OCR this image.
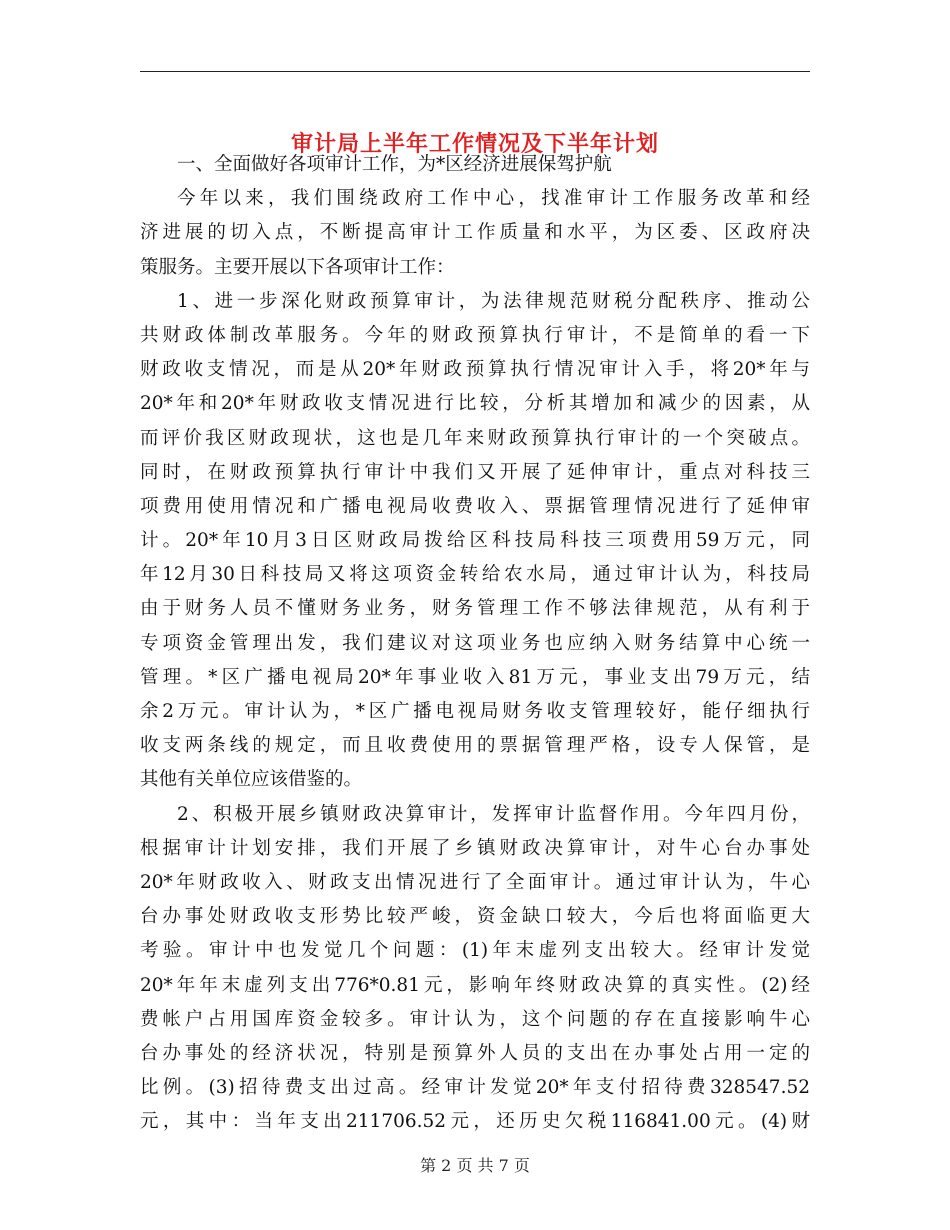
审计局上半年工作情况及下半年计划
一、全面做好各项审计工作，为*区经济进展保驾护航
今年以来，我们围绕政府工作中心，找准审计工作服务改革和经
济进展的切入点，不断提高审计工作质量和水平，为区委、区政府决
策服务。主要开展以下各项审计工作：
1、进一步深化财政预算审计，为法律规范财税分配秩序、推动公
共财政体制改革服务。今年的财政预算执行审计，不是简单的看一下
财政收支情况，而是从20*年财政预算执行情况审计入手，将20*年与
20*年和20*年财政收支情况进行比较，分析其增加和减少的因素，从
而评价我区财政现状，这也是几年来财政预算执行审计的一个突破点。
同时，在财政预算执行审计中我们又开展了延伸审计，重点对科技三
项费用使用情况和广播电视局收费收入、票据管理情况进行了延伸审
计。20*年10月3日区财政局拨给区科技局科技三项费用59万元，同
年12月30日科技局又将这项资金转给农水局，通过审计认为，科技局
由于财务人员不懂财务业务，财务管理工作不够法律规范，从有利于
专项资金管理出发，我们建议对这项业务也应纳入财务结算中心统一
管理。*区广播电视局20*年事业收入81万元，事业支出79万元，结
余2万元。审计认为，*区广播电视局财务收支管理较好，能仔细执行
收支两条线的规定，而且收费使用的票据管理严格，设专人保管，是
其他有关单位应该借鉴的。
2、积极开展乡镇财政决算审计，发挥审计监督作用。今年四月份，
根据审计计划安排，我们开展了乡镇财政决算审计，对牛心台办事处
20*年财政收入、财政支出情况进行了全面审计。通过审计认为，牛心
台办事处财政收支形势比较严峻，资金缺口较大，今后也将面临更大
考验。审计中也发觉几个问题：(1)年末虚列支出较大。经审计发觉
20*年年末虚列支出776*0.81元，影响年终财政决算的真实性。(2)经
费帐户占用国库资金较多。审计认为，这个问题的存在直接影响牛心
台办事处的经济状况，特别是预算外人员的支出在办事处占用一定的
比例。(3)招待费支出过高。经审计发觉20*年支付招待费328547.52
元，其中：当年支出211706.52元，还历史欠税116841.00元。(4)财
第 2 页 共 7 页
